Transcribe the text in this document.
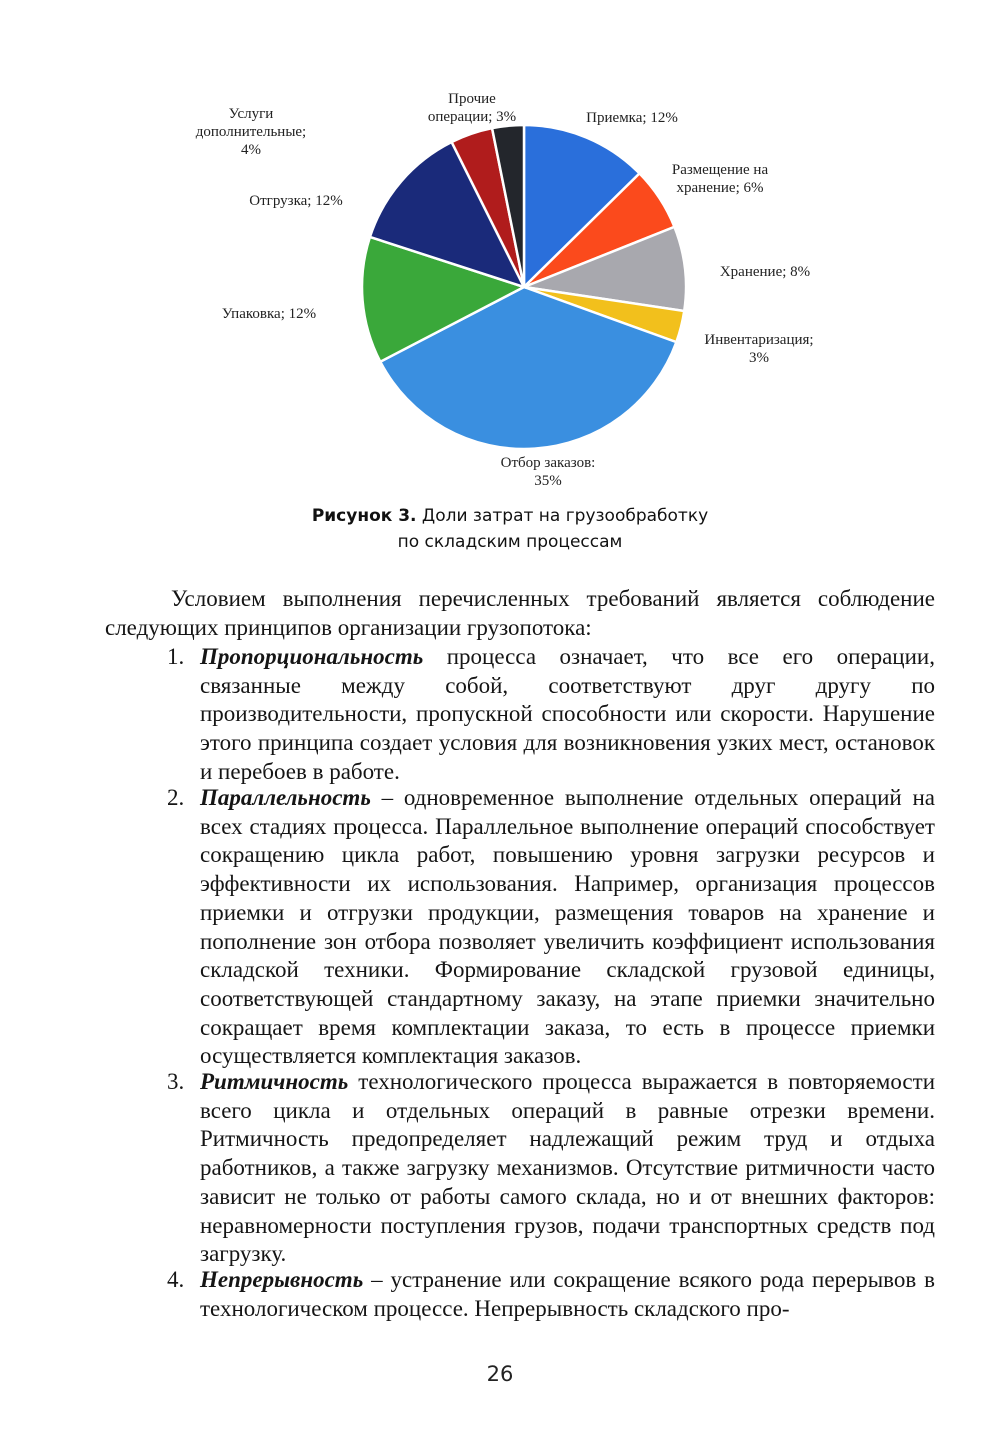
Приемка; 12%
Размещение на хранение; 6%
Хранение; 8%
Инвентаризация; 3%
Отбор заказов: 35%
Упаковка; 12%
Отгрузка; 12%
Услуги дополнительные; 4%
Прочие операции; 3%
Рисунок 3. Доли затрат на грузообработку
по складским процессам
Условием выполнения перечисленных требований является соблюдение следующих принципов организации грузопотока:
1. Пропорциональность процесса означает, что все его операции, связанные между собой, соответствуют друг другу по производительности, пропускной способности или скорости. Нарушение этого принципа создает условия для возникновения узких мест, остановок и перебоев в работе.
2. Параллельность – одновременное выполнение отдельных операций на всех стадиях процесса. Параллельное выполнение операций способствует сокращению цикла работ, повышению уровня загрузки ресурсов и эффективности их использования. Например, организация процессов приемки и отгрузки продукции, размещения товаров на хранение и пополнение зон отбора позволяет увеличить коэффициент использования складской техники. Формирование складской грузовой единицы, соответствующей стандартному заказу, на этапе приемки значительно сокращает время комплектации заказа, то есть в процессе приемки осуществляется комплектация заказов.
3. Ритмичность технологического процесса выражается в повторяемости всего цикла и отдельных операций в равные отрезки времени. Ритмичность предопределяет надлежащий режим труд и отдыха работников, а также загрузку механизмов. Отсутствие ритмичности часто зависит не только от работы самого склада, но и от внешних факторов: неравномерности поступления грузов, подачи транспортных средств под загрузку.
4. Непрерывность – устранение или сокращение всякого рода перерывов в технологическом процессе. Непрерывность складского про-
26
